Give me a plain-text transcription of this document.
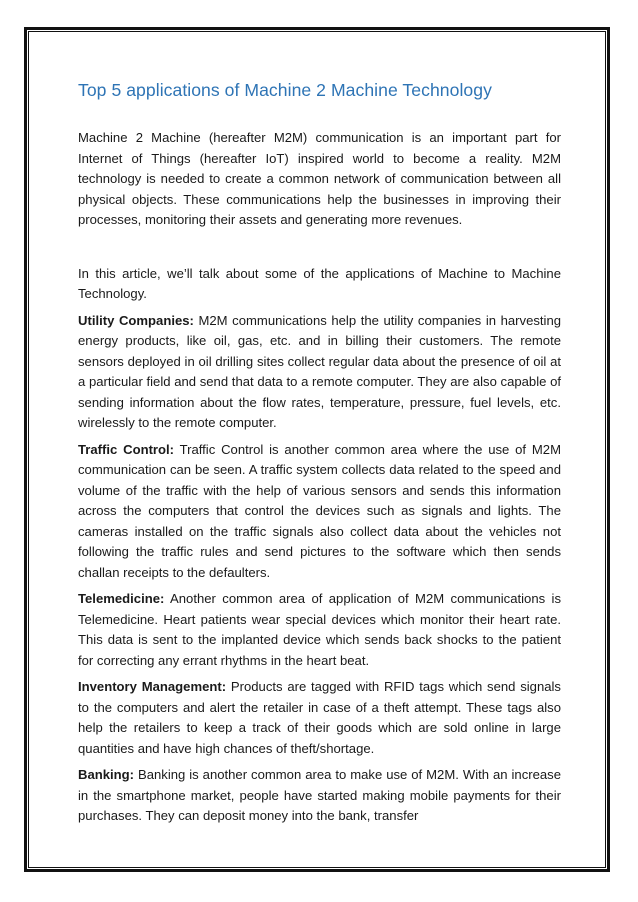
Top 5 applications of Machine 2 Machine Technology

Machine 2 Machine (hereafter M2M) communication is an important part for Internet of Things (hereafter IoT) inspired world to become a reality. M2M technology is needed to create a common network of communication between all physical objects. These communications help the businesses in improving their processes, monitoring their assets and generating more revenues.

In this article, we’ll talk about some of the applications of Machine to Machine Technology.

Utility Companies: M2M communications help the utility companies in harvesting energy products, like oil, gas, etc. and in billing their customers. The remote sensors deployed in oil drilling sites collect regular data about the presence of oil at a particular field and send that data to a remote computer. They are also capable of sending information about the flow rates, temperature, pressure, fuel levels, etc. wirelessly to the remote computer.

Traffic Control: Traffic Control is another common area where the use of M2M communication can be seen. A traffic system collects data related to the speed and volume of the traffic with the help of various sensors and sends this information across the computers that control the devices such as signals and lights. The cameras installed on the traffic signals also collect data about the vehicles not following the traffic rules and send pictures to the software which then sends challan receipts to the defaulters.

Telemedicine: Another common area of application of M2M communications is Telemedicine. Heart patients wear special devices which monitor their heart rate. This data is sent to the implanted device which sends back shocks to the patient for correcting any errant rhythms in the heart beat.

Inventory Management: Products are tagged with RFID tags which send signals to the computers and alert the retailer in case of a theft attempt. These tags also help the retailers to keep a track of their goods which are sold online in large quantities and have high chances of theft/shortage.

Banking: Banking is another common area to make use of M2M. With an increase in the smartphone market, people have started making mobile payments for their purchases. They can deposit money into the bank, transfer
